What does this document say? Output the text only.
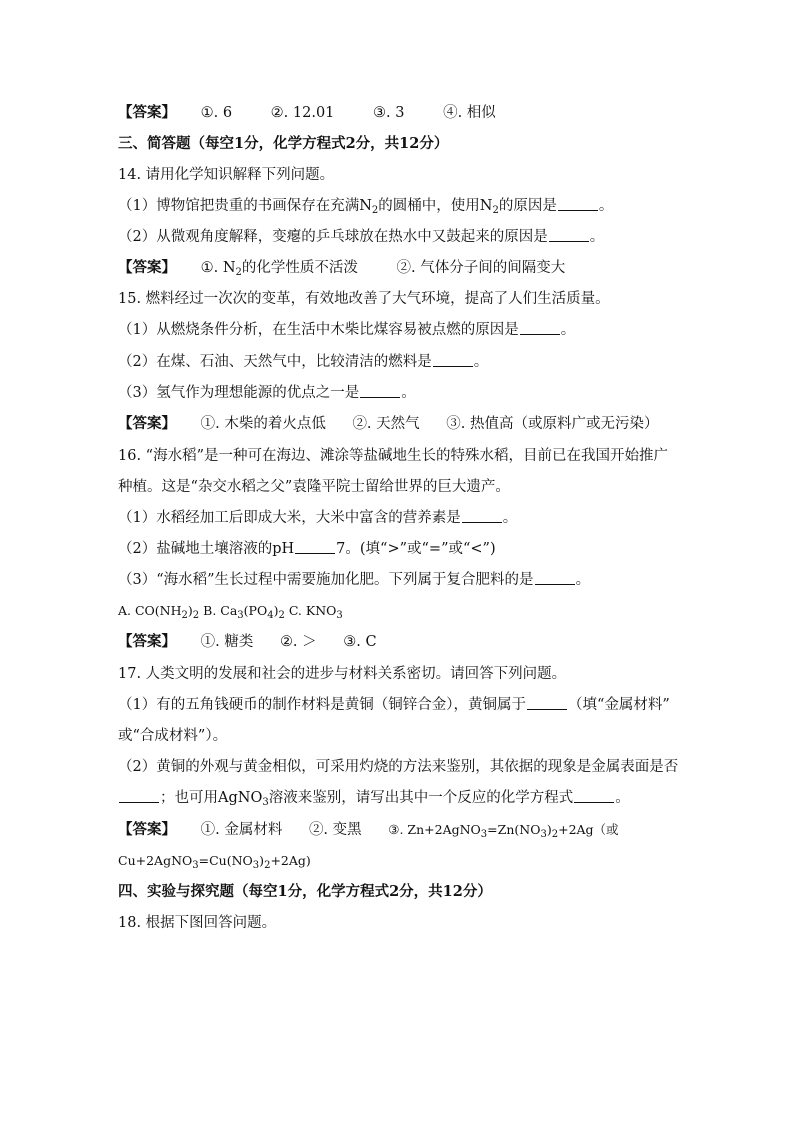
【答案】 ①. 6	②. 12.01	③. 3	④. 相似
三、简答题（每空1分，化学方程式2分，共12分）
14. 请用化学知识解释下列问题。
（1）博物馆把贵重的书画保存在充满$N_2$的圆桶中，使用$N_2$的原因是	。
（2）从微观角度解释，变瘪的乒乓球放在热水中又鼓起来的原因是	。
【答案】 ①. $N_2$的化学性质不活泼	②. 气体分子间的间隔变大
15. 燃料经过一次次的变革，有效地改善了大气环境，提高了人们生活质量。
（1）从燃烧条件分析，在生活中木柴比煤容易被点燃的原因是	。
（2）在煤、石油、天然气中，比较清洁的燃料是	。
（3）氢气作为理想能源的优点之一是	。
【答案】 ①. 木柴的着火点低 ②. 天然气 ③. 热值高（或原料广或无污染）
16. “海水稻”是一种可在海边、滩涂等盐碱地生长的特殊水稻，目前已在我国开始推广
种植。这是“杂交水稻之父”袁隆平院士留给世界的巨大遗产。
（1）水稻经加工后即成大米，大米中富含的营养素是	。
（2）盐碱地土壤溶液的pH	7。(填“>”或“=”或“<”)
（3）“海水稻”生长过程中需要施加化肥。下列属于复合肥料的是	。
A. $CO(NH_2)_2$ B. $Ca_3(PO_4)_2$ C. $KNO_3$
【答案】 ①. 糖类 ②. ＞ ③. C
17. 人类文明的发展和社会的进步与材料关系密切。请回答下列问题。
（1）有的五角钱硬币的制作材料是黄铜（铜锌合金），黄铜属于	（填“金属材料”
或“合成材料”）。
（2）黄铜的外观与黄金相似，可采用灼烧的方法来鉴别，其依据的现象是金属表面是否
；也可用AgNO$_3$溶液来鉴别，请写出其中一个反应的化学方程式	。
【答案】 ①. 金属材料 ②. 变黑 ③. $Zn+2AgNO_3=Zn(NO_3)_2+2Ag$（或
$Cu+2AgNO_3=Cu(NO_3)_2+2Ag$)
四、实验与探究题（每空1分，化学方程式2分，共12分）
18. 根据下图回答问题。
